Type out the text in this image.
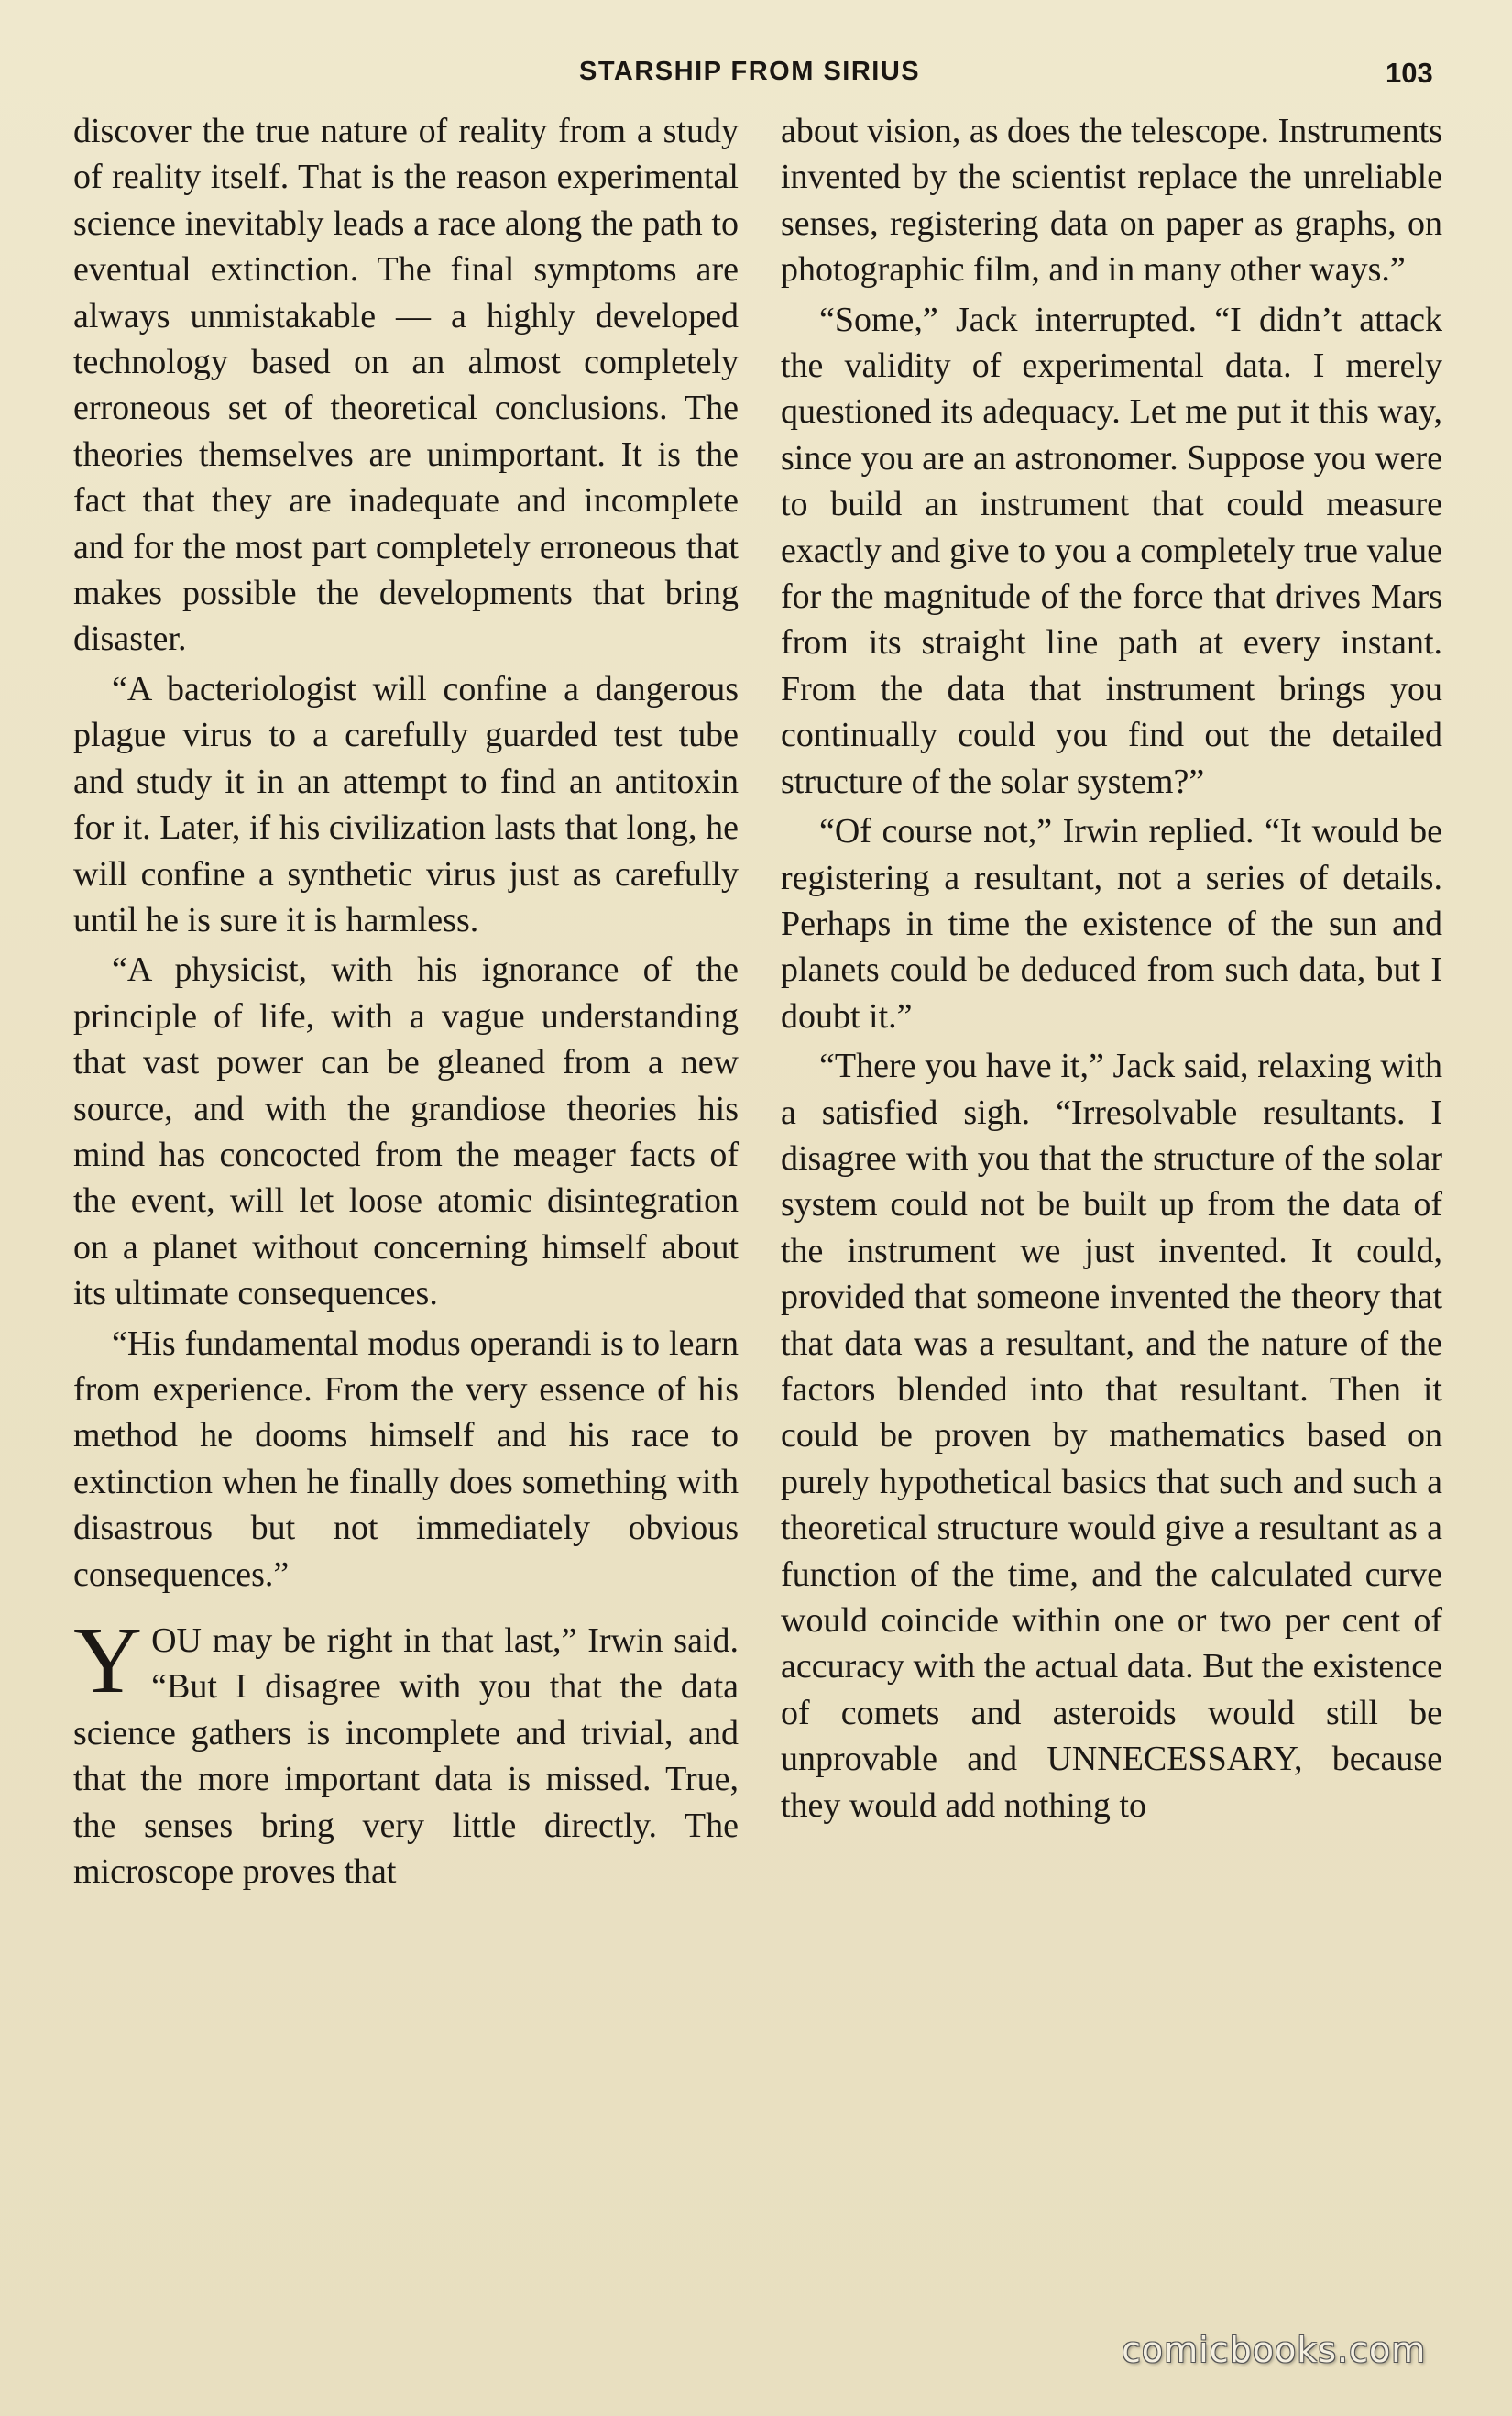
STARSHIP FROM SIRIUS	103

discover the true nature of reality from a study of reality itself. That is the reason experimental science inevitably leads a race along the path to eventual extinction. The final symptoms are always unmistakable — a highly developed technology based on an almost completely erroneous set of theoretical conclusions. The theories themselves are unimportant. It is the fact that they are inadequate and incomplete and for the most part completely erroneous that makes possible the developments that bring disaster.

“A bacteriologist will confine a dangerous plague virus to a carefully guarded test tube and study it in an attempt to find an antitoxin for it. Later, if his civilization lasts that long, he will confine a synthetic virus just as carefully until he is sure it is harmless.

“A physicist, with his ignorance of the principle of life, with a vague understanding that vast power can be gleaned from a new source, and with the grandiose theories his mind has concocted from the meager facts of the event, will let loose atomic disintegration on a planet without concerning himself about its ultimate consequences.

“His fundamental modus operandi is to learn from experience. From the very essence of his method he dooms himself and his race to extinction when he finally does something with disastrous but not immediately obvious consequences.”

YOU may be right in that last,” Irwin said. “But I disagree with you that the data science gathers is incomplete and trivial, and that the more important data is missed. True, the senses bring very little directly. The microscope proves that

about vision, as does the telescope. Instruments invented by the scientist replace the unreliable senses, registering data on paper as graphs, on photographic film, and in many other ways.”

“Some,” Jack interrupted. “I didn’t attack the validity of experimental data. I merely questioned its adequacy. Let me put it this way, since you are an astronomer. Suppose you were to build an instrument that could measure exactly and give to you a completely true value for the magnitude of the force that drives Mars from its straight line path at every instant. From the data that instrument brings you continually could you find out the detailed structure of the solar system?”

“Of course not,” Irwin replied. “It would be registering a resultant, not a series of details. Perhaps in time the existence of the sun and planets could be deduced from such data, but I doubt it.”

“There you have it,” Jack said, relaxing with a satisfied sigh. “Irresolvable resultants. I disagree with you that the structure of the solar system could not be built up from the data of the instrument we just invented. It could, provided that someone invented the theory that that data was a resultant, and the nature of the factors blended into that resultant. Then it could be proven by mathematics based on purely hypothetical basics that such and such a theoretical structure would give a resultant as a function of the time, and the calculated curve would coincide within one or two per cent of accuracy with the actual data. But the existence of comets and asteroids would still be unprovable and UNNECESSARY, because they would add nothing to

comicbooks.com
